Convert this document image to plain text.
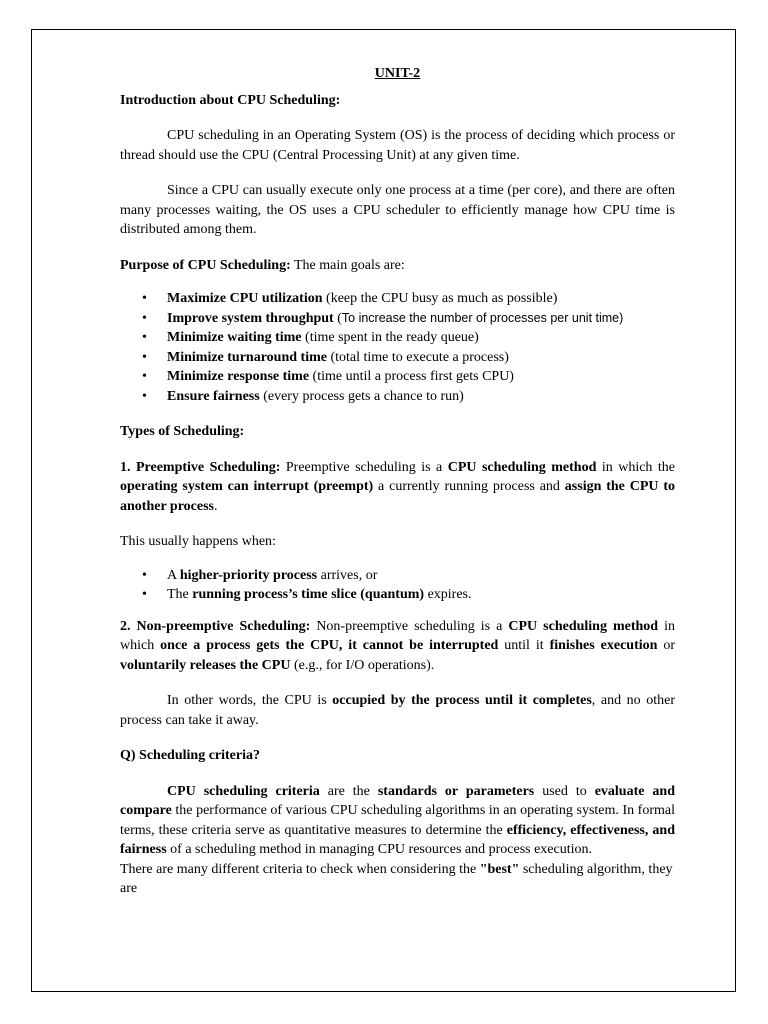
UNIT-2

Introduction about CPU Scheduling:

CPU scheduling in an Operating System (OS) is the process of deciding which process or thread should use the CPU (Central Processing Unit) at any given time.

Since a CPU can usually execute only one process at a time (per core), and there are often many processes waiting, the OS uses a CPU scheduler to efficiently manage how CPU time is distributed among them.

Purpose of CPU Scheduling: The main goals are:

• Maximize CPU utilization (keep the CPU busy as much as possible)
• Improve system throughput (To increase the number of processes per unit time)
• Minimize waiting time (time spent in the ready queue)
• Minimize turnaround time (total time to execute a process)
• Minimize response time (time until a process first gets CPU)
• Ensure fairness (every process gets a chance to run)

Types of Scheduling:

1. Preemptive Scheduling: Preemptive scheduling is a CPU scheduling method in which the operating system can interrupt (preempt) a currently running process and assign the CPU to another process.

This usually happens when:

• A higher-priority process arrives, or
• The running process’s time slice (quantum) expires.

2. Non-preemptive Scheduling: Non-preemptive scheduling is a CPU scheduling method in which once a process gets the CPU, it cannot be interrupted until it finishes execution or voluntarily releases the CPU (e.g., for I/O operations).

In other words, the CPU is occupied by the process until it completes, and no other process can take it away.

Q) Scheduling criteria?

CPU scheduling criteria are the standards or parameters used to evaluate and compare the performance of various CPU scheduling algorithms in an operating system. In formal terms, these criteria serve as quantitative measures to determine the efficiency, effectiveness, and fairness of a scheduling method in managing CPU resources and process execution.

There are many different criteria to check when considering the "best" scheduling algorithm, they are
